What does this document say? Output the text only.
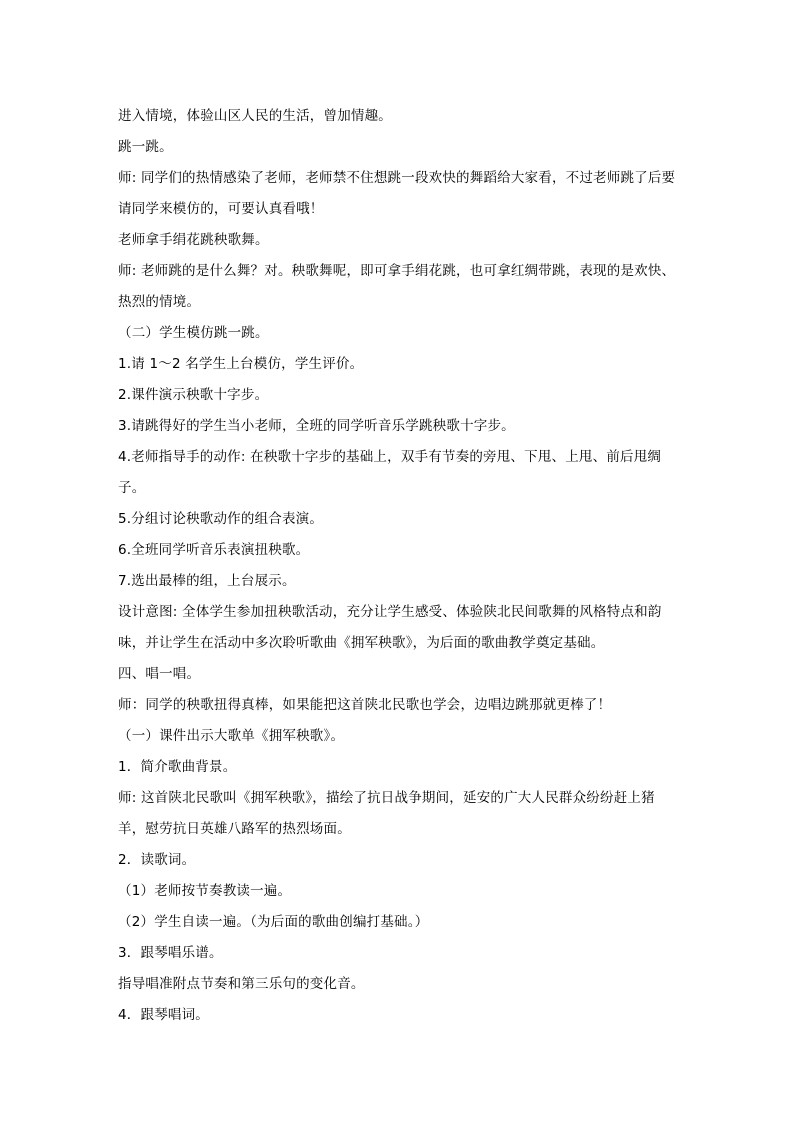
进入情境，体验山区人民的生活，曾加情趣。

跳一跳。

师: 同学们的热情感染了老师，老师禁不住想跳一段欢快的舞蹈给大家看，不过老师跳了后要请同学来模仿的，可要认真看哦！

老师拿手绢花跳秧歌舞。

师: 老师跳的是什么舞？对。秧歌舞呢，即可拿手绢花跳，也可拿红绸带跳，表现的是欢快、热烈的情境。

（二）学生模仿跳一跳。

1.请 1～2 名学生上台模仿，学生评价。

2.课件演示秧歌十字步。

3.请跳得好的学生当小老师，全班的同学听音乐学跳秧歌十字步。

4.老师指导手的动作: 在秧歌十字步的基础上，双手有节奏的旁甩、下甩、上甩、前后甩绸子。

5.分组讨论秧歌动作的组合表演。

6.全班同学听音乐表演扭秧歌。

7.选出最棒的组，上台展示。

设计意图: 全体学生参加扭秧歌活动，充分让学生感受、体验陕北民间歌舞的风格特点和韵味，并让学生在活动中多次聆听歌曲《拥军秧歌》，为后面的歌曲教学奠定基础。

四、唱一唱。

师：同学的秧歌扭得真棒，如果能把这首陕北民歌也学会，边唱边跳那就更棒了！

（一）课件出示大歌单《拥军秧歌》。

1．简介歌曲背景。

师: 这首陕北民歌叫《拥军秧歌》，描绘了抗日战争期间，延安的广大人民群众纷纷赶上猪羊，慰劳抗日英雄八路军的热烈场面。

2．读歌词。

（1）老师按节奏教读一遍。

（2）学生自读一遍。（为后面的歌曲创编打基础。）

3．跟琴唱乐谱。

指导唱准附点节奏和第三乐句的变化音。

4．跟琴唱词。
